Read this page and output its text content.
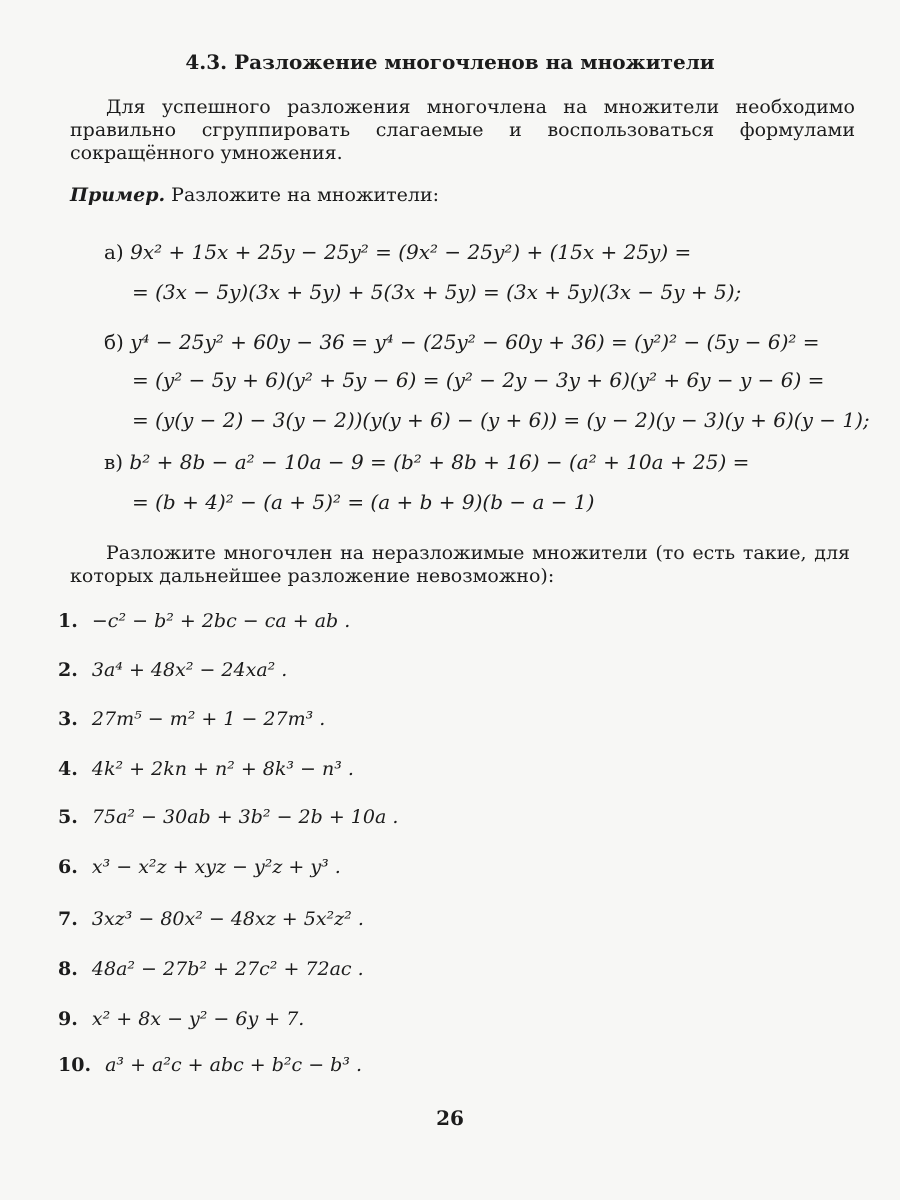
4.3. Разложение многочленов на множители
Для успешного разложения многочлена на множители необходимо правильно сгруппировать слагаемые и воспользоваться формулами сокращённого умножения.
Пример. Разложите на множители:
а) 9x² + 15x + 25y − 25y² = (9x² − 25y²) + (15x + 25y) =
= (3x − 5y)(3x + 5y) + 5(3x + 5y) = (3x + 5y)(3x − 5y + 5);
б) y⁴ − 25y² + 60y − 36 = y⁴ − (25y² − 60y + 36) = (y²)² − (5y − 6)² =
= (y² − 5y + 6)(y² + 5y − 6) = (y² − 2y − 3y + 6)(y² + 6y − y − 6) =
= (y(y − 2) − 3(y − 2))(y(y + 6) − (y + 6)) = (y − 2)(y − 3)(y + 6)(y − 1);
в) b² + 8b − a² − 10a − 9 = (b² + 8b + 16) − (a² + 10a + 25) =
= (b + 4)² − (a + 5)² = (a + b + 9)(b − a − 1)
Разложите многочлен на неразложимые множители (то есть такие, для которых дальнейшее разложение невозможно):
1. −c² − b² + 2bc − ca + ab .
2. 3a⁴ + 48x² − 24xa² .
3. 27m⁵ − m² + 1 − 27m³ .
4. 4k² + 2kn + n² + 8k³ − n³ .
5. 75a² − 30ab + 3b² − 2b + 10a .
6. x³ − x²z + xyz − y²z + y³ .
7. 3xz³ − 80x² − 48xz + 5x²z² .
8. 48a² − 27b² + 27c² + 72ac .
9. x² + 8x − y² − 6y + 7.
10. a³ + a²c + abc + b²c − b³ .
26
